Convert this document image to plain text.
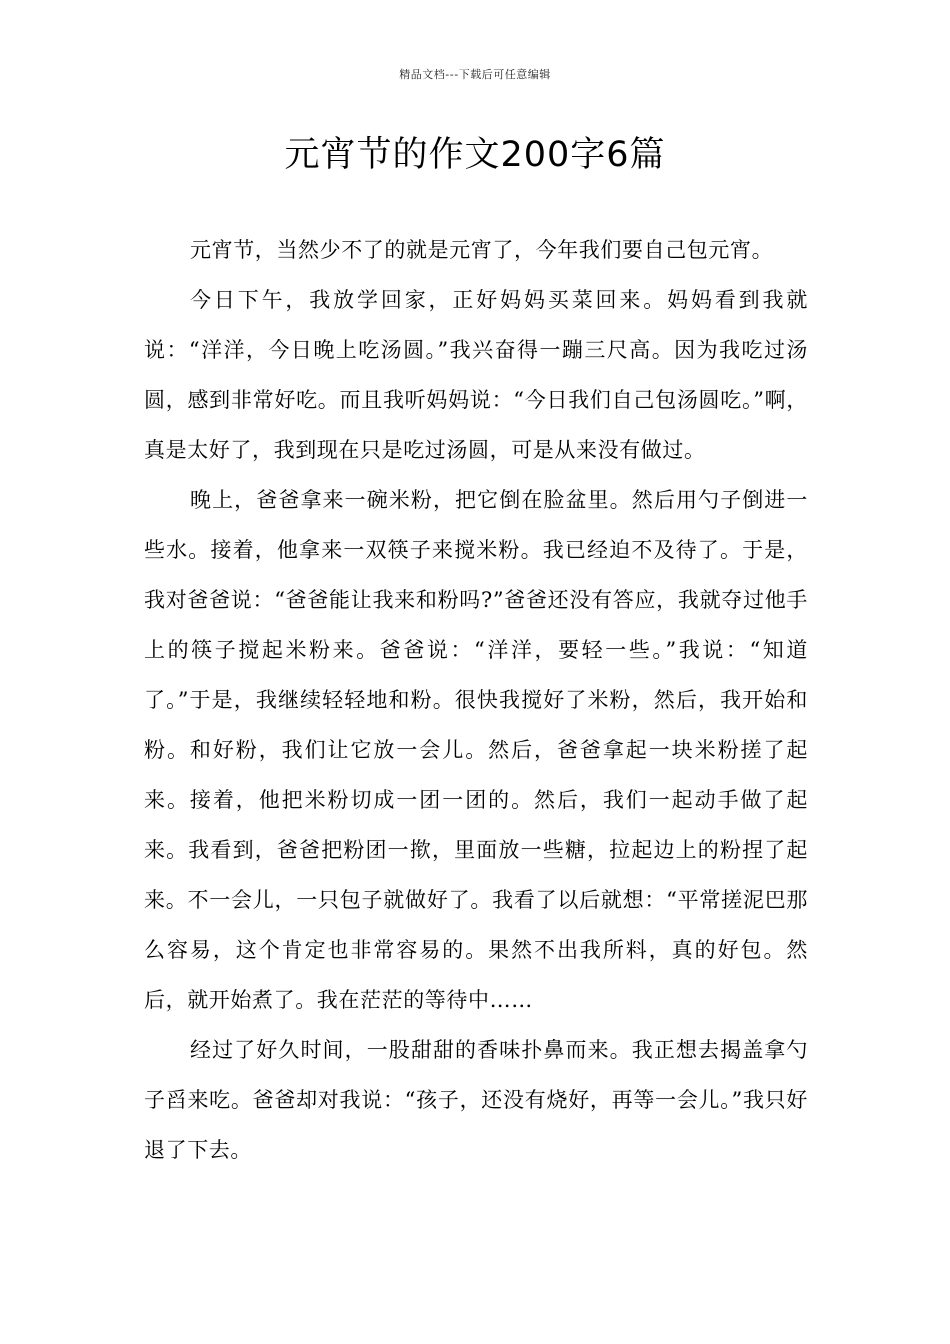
精品文档---下载后可任意编辑
元宵节的作文200字6篇

元宵节，当然少不了的就是元宵了，今年我们要自己包元宵。

今日下午，我放学回家，正好妈妈买菜回来。妈妈看到我就说：“洋洋，今日晚上吃汤圆。”我兴奋得一蹦三尺高。因为我吃过汤圆，感到非常好吃。而且我听妈妈说：“今日我们自己包汤圆吃。”啊，真是太好了，我到现在只是吃过汤圆，可是从来没有做过。

晚上，爸爸拿来一碗米粉，把它倒在脸盆里。然后用勺子倒进一些水。接着，他拿来一双筷子来搅米粉。我已经迫不及待了。于是，我对爸爸说：“爸爸能让我来和粉吗?”爸爸还没有答应，我就夺过他手上的筷子搅起米粉来。爸爸说：“洋洋，要轻一些。”我说：“知道了。”于是，我继续轻轻地和粉。很快我搅好了米粉，然后，我开始和粉。和好粉，我们让它放一会儿。然后，爸爸拿起一块米粉搓了起来。接着，他把米粉切成一团一团的。然后，我们一起动手做了起来。我看到，爸爸把粉团一揿，里面放一些糖，拉起边上的粉捏了起来。不一会儿，一只包子就做好了。我看了以后就想：“平常搓泥巴那么容易，这个肯定也非常容易的。果然不出我所料，真的好包。然后，就开始煮了。我在茫茫的等待中……

经过了好久时间，一股甜甜的香味扑鼻而来。我正想去揭盖拿勺子舀来吃。爸爸却对我说：“孩子，还没有烧好，再等一会儿。”我只好退了下去。
